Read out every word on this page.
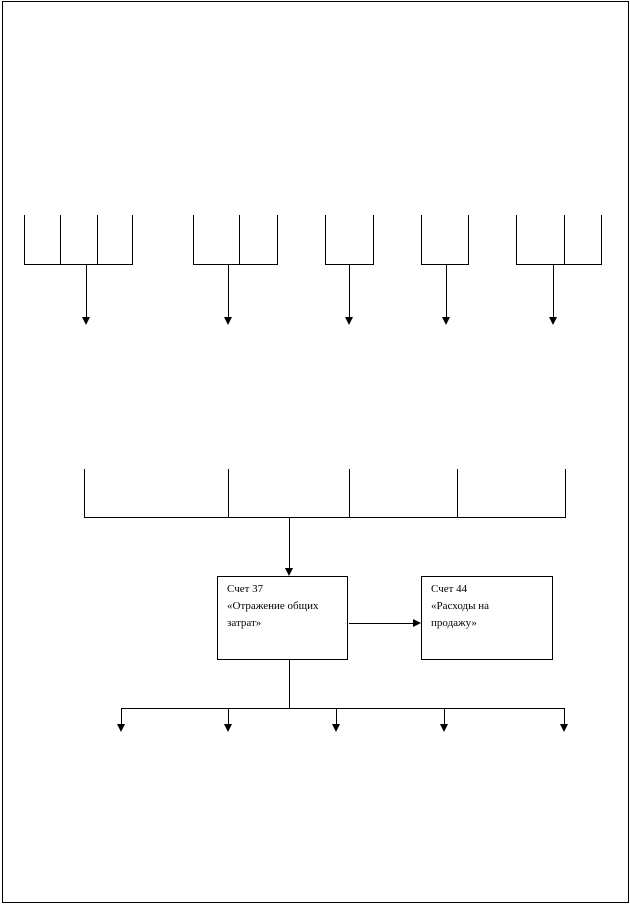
Счет 37
«Отражение общих
затрат»
Счет 44
«Расходы на
продажу»
